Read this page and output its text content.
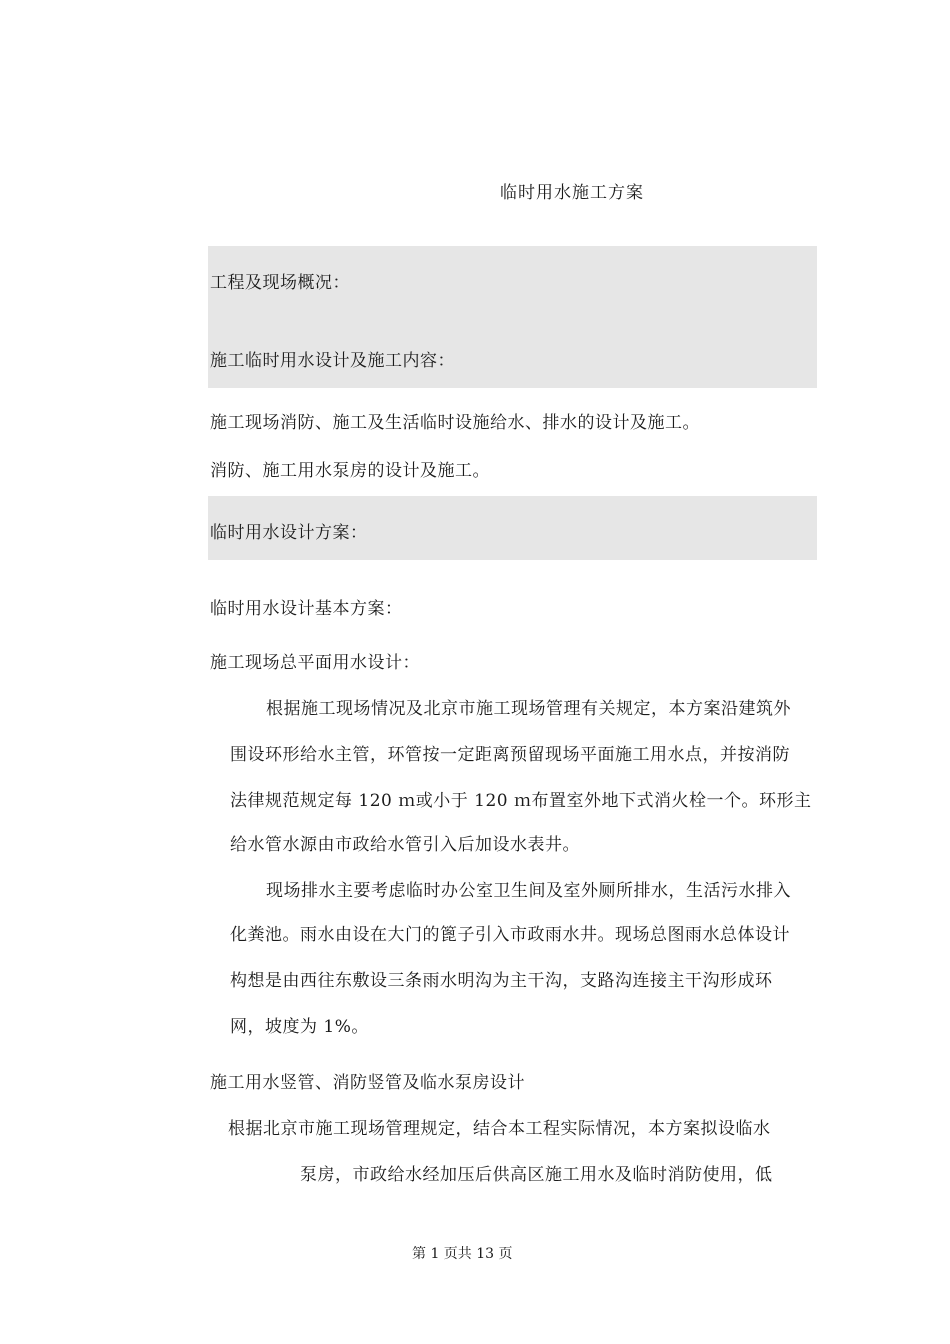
临时用水施工方案
工程及现场概况：
施工临时用水设计及施工内容：
施工现场消防、施工及生活临时设施给水、排水的设计及施工。
消防、施工用水泵房的设计及施工。
临时用水设计方案：
临时用水设计基本方案：
施工现场总平面用水设计：
根据施工现场情况及北京市施工现场管理有关规定，本方案沿建筑外
围设环形给水主管，环管按一定距离预留现场平面施工用水点，并按消防
法律规范规定每 120 ｍ或小于 120 ｍ布置室外地下式消火栓一个。环形主
给水管水源由市政给水管引入后加设水表井。
现场排水主要考虑临时办公室卫生间及室外厕所排水，生活污水排入
化粪池。雨水由设在大门的篦子引入市政雨水井。现场总图雨水总体设计
构想是由西往东敷设三条雨水明沟为主干沟，支路沟连接主干沟形成环
网，坡度为 1%。
施工用水竖管、消防竖管及临水泵房设计
根据北京市施工现场管理规定，结合本工程实际情况，本方案拟设临水
泵房，市政给水经加压后供高区施工用水及临时消防使用，低
第 1 页共 13 页
